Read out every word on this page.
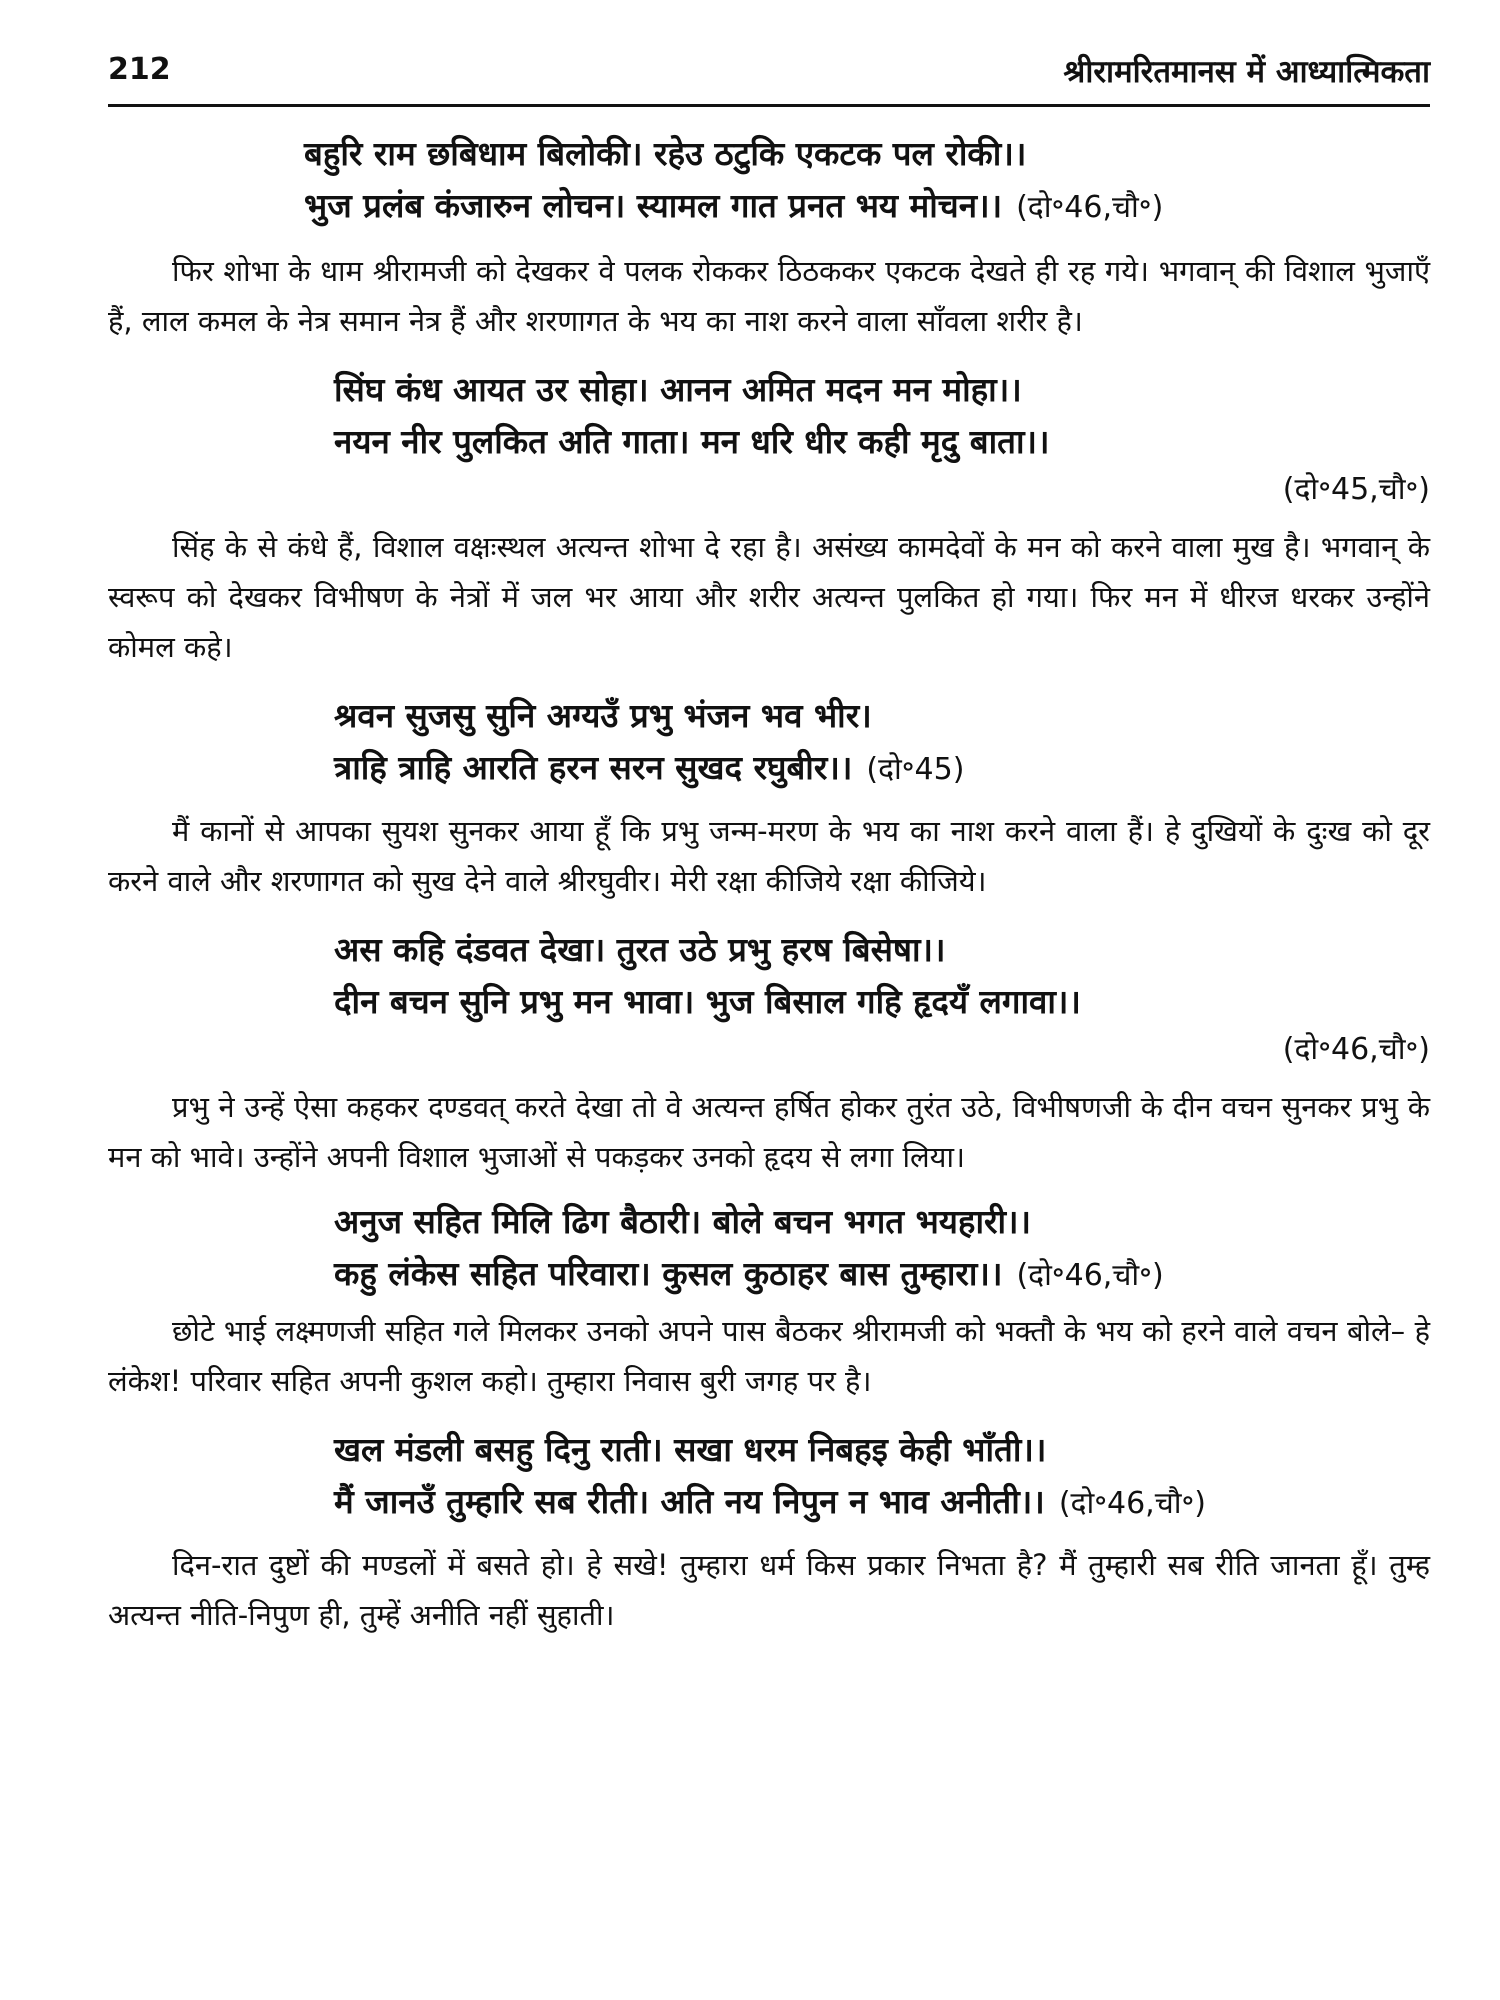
212	श्रीरामरितमानस में आध्यात्मिकता
बहुरि राम छबिधाम बिलोकी। रहेउ ठटुकि एकटक पल रोकी।।
भुज प्रलंब कंजारुन लोचन। स्यामल गात प्रनत भय मोचन।। (दो॰46,चौ॰)

फिर शोभा के धाम श्रीरामजी को देखकर वे पलक रोककर ठिठककर एकटक देखते ही रह गये। भगवान् की विशाल भुजाएँ हैं, लाल कमल के नेत्र समान नेत्र हैं और शरणागत के भय का नाश करने वाला साँवला शरीर है।

सिंघ कंध आयत उर सोहा। आनन अमित मदन मन मोहा।।
नयन नीर पुलकित अति गाता। मन धरि धीर कही मृदु बाता।।
(दो॰45,चौ॰)

सिंह के से कंधे हैं, विशाल वक्षःस्थल अत्यन्त शोभा दे रहा है। असंख्य कामदेवों के मन को करने वाला मुख है। भगवान् के स्वरूप को देखकर विभीषण के नेत्रों में जल भर आया और शरीर अत्यन्त पुलकित हो गया। फिर मन में धीरज धरकर उन्होंने कोमल कहे।

श्रवन सुजसु सुनि अग्यउँ प्रभु भंजन भव भीर।
त्राहि त्राहि आरति हरन सरन सुखद रघुबीर।। (दो॰45)

मैं कानों से आपका सुयश सुनकर आया हूँ कि प्रभु जन्म-मरण के भय का नाश करने वाला हैं। हे दुखियों के दुःख को दूर करने वाले और शरणागत को सुख देने वाले श्रीरघुवीर। मेरी रक्षा कीजिये रक्षा कीजिये।

अस कहि दंडवत देखा। तुरत उठे प्रभु हरष बिसेषा।।
दीन बचन सुनि प्रभु मन भावा। भुज बिसाल गहि हृदयँ लगावा।।
(दो॰46,चौ॰)

प्रभु ने उन्हें ऐसा कहकर दण्डवत् करते देखा तो वे अत्यन्त हर्षित होकर तुरंत उठे, विभीषणजी के दीन वचन सुनकर प्रभु के मन को भावे। उन्होंने अपनी विशाल भुजाओं से पकड़कर उनको हृदय से लगा लिया।

अनुज सहित मिलि ढिग बैठारी। बोले बचन भगत भयहारी।।
कहु लंकेस सहित परिवारा। कुसल कुठाहर बास तुम्हारा।। (दो॰46,चौ॰)

छोटे भाई लक्ष्मणजी सहित गले मिलकर उनको अपने पास बैठकर श्रीरामजी को भक्तौ के भय को हरने वाले वचन बोले– हे लंकेश! परिवार सहित अपनी कुशल कहो। तुम्हारा निवास बुरी जगह पर है।

खल मंडली बसहु दिनु राती। सखा धरम निबहइ केही भाँती।।
मैं जानउँ तुम्हारि सब रीती। अति नय निपुन न भाव अनीती।। (दो॰46,चौ॰)

दिन-रात दुष्टों की मण्डलों में बसते हो। हे सखे! तुम्हारा धर्म किस प्रकार निभता है? मैं तुम्हारी सब रीति जानता हूँ। तुम्ह अत्यन्त नीति-निपुण ही, तुम्हें अनीति नहीं सुहाती।
